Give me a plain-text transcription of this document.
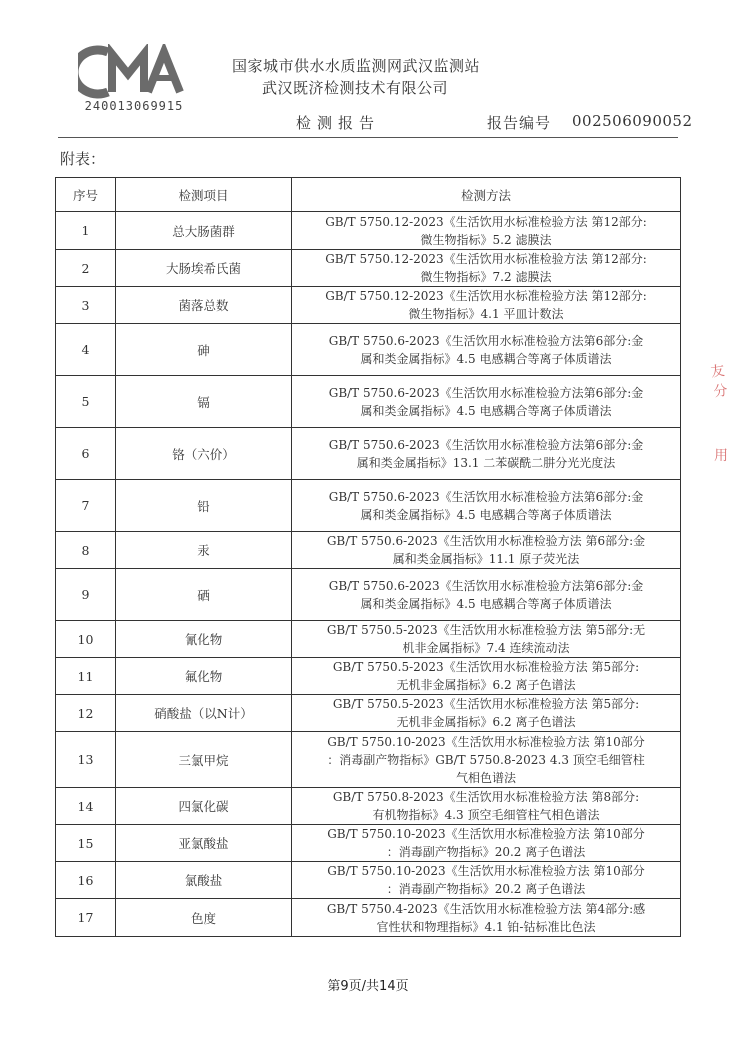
240013069915
国家城市供水水质监测网武汉监测站
武汉既济检测技术有限公司
检测报告	报告编号 002506090052
附表：
序号	检测项目	检测方法
1	总大肠菌群	GB/T 5750.12-2023《生活饮用水标准检验方法 第12部分:
微生物指标》5.2 滤膜法

2	大肠埃希氏菌	GB/T 5750.12-2023《生活饮用水标准检验方法 第12部分:
微生物指标》7.2 滤膜法

3	菌落总数	GB/T 5750.12-2023《生活饮用水标准检验方法 第12部分:
微生物指标》4.1 平皿计数法

4	砷	GB/T 5750.6-2023《生活饮用水标准检验方法第6部分:金
属和类金属指标》4.5 电感耦合等离子体质谱法

5	镉	GB/T 5750.6-2023《生活饮用水标准检验方法第6部分:金
属和类金属指标》4.5 电感耦合等离子体质谱法

6	铬（六价）	GB/T 5750.6-2023《生活饮用水标准检验方法第6部分:金
属和类金属指标》13.1 二苯碳酰二肼分光光度法

7	铅	GB/T 5750.6-2023《生活饮用水标准检验方法第6部分:金
属和类金属指标》4.5 电感耦合等离子体质谱法

8	汞	GB/T 5750.6-2023《生活饮用水标准检验方法 第6部分:金
属和类金属指标》11.1 原子荧光法

9	硒	GB/T 5750.6-2023《生活饮用水标准检验方法第6部分:金
属和类金属指标》4.5 电感耦合等离子体质谱法

10	氰化物	GB/T 5750.5-2023《生活饮用水标准检验方法 第5部分:无
机非金属指标》7.4 连续流动法

11	氟化物	GB/T 5750.5-2023《生活饮用水标准检验方法 第5部分:
无机非金属指标》6.2 离子色谱法

12	硝酸盐（以N计）	GB/T 5750.5-2023《生活饮用水标准检验方法 第5部分:
无机非金属指标》6.2 离子色谱法

13	三氯甲烷	GB/T 5750.10-2023《生活饮用水标准检验方法 第10部分
：消毒副产物指标》GB/T 5750.8-2023 4.3 顶空毛细管柱
气相色谱法

14	四氯化碳	GB/T 5750.8-2023《生活饮用水标准检验方法 第8部分:
有机物指标》4.3 顶空毛细管柱气相色谱法

15	亚氯酸盐	GB/T 5750.10-2023《生活饮用水标准检验方法 第10部分
：消毒副产物指标》20.2 离子色谱法

16	氯酸盐	GB/T 5750.10-2023《生活饮用水标准检验方法 第10部分
：消毒副产物指标》20.2 离子色谱法

17	色度	GB/T 5750.4-2023《生活饮用水标准检验方法 第4部分:感
官性状和物理指标》4.1 铂-钴标准比色法
友分
用
第9页/共14页
